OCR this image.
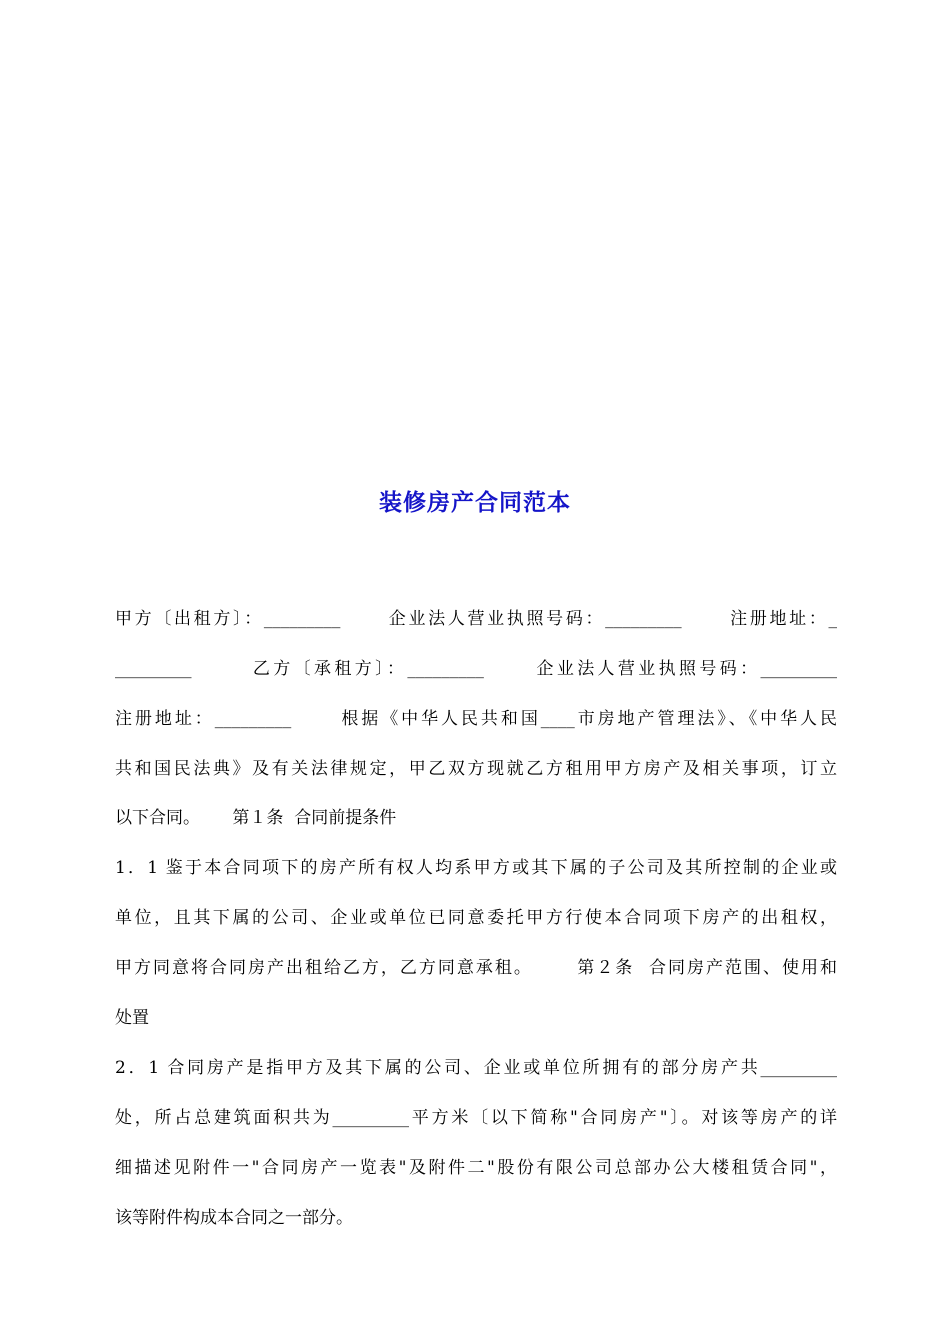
装修房产合同范本
甲方〔出租方〕：_________      企业法人营业执照号码：_________      注册地址：_
_________       乙方〔承租方〕：_________      企业法人营业执照号码：_________
注册地址：_________      根据《中华人民共和国____市房地产管理法》、《中华人民
共和国民法典》及有关法律规定，甲乙双方现就乙方租用甲方房产及相关事项，订立
以下合同。      第１条  合同前提条件
1．1 鉴于本合同项下的房产所有权人均系甲方或其下属的子公司及其所控制的企业或
单位，且其下属的公司、企业或单位已同意委托甲方行使本合同项下房产的出租权，
甲方同意将合同房产出租给乙方，乙方同意承租。      第２条  合同房产范围、使用和
处置
2．1 合同房产是指甲方及其下属的公司、企业或单位所拥有的部分房产共_________
处，所占总建筑面积共为_________平方米〔以下简称"合同房产"〕。对该等房产的详
细描述见附件一"合同房产一览表"及附件二"股份有限公司总部办公大楼租赁合同"，
该等附件构成本合同之一部分。
